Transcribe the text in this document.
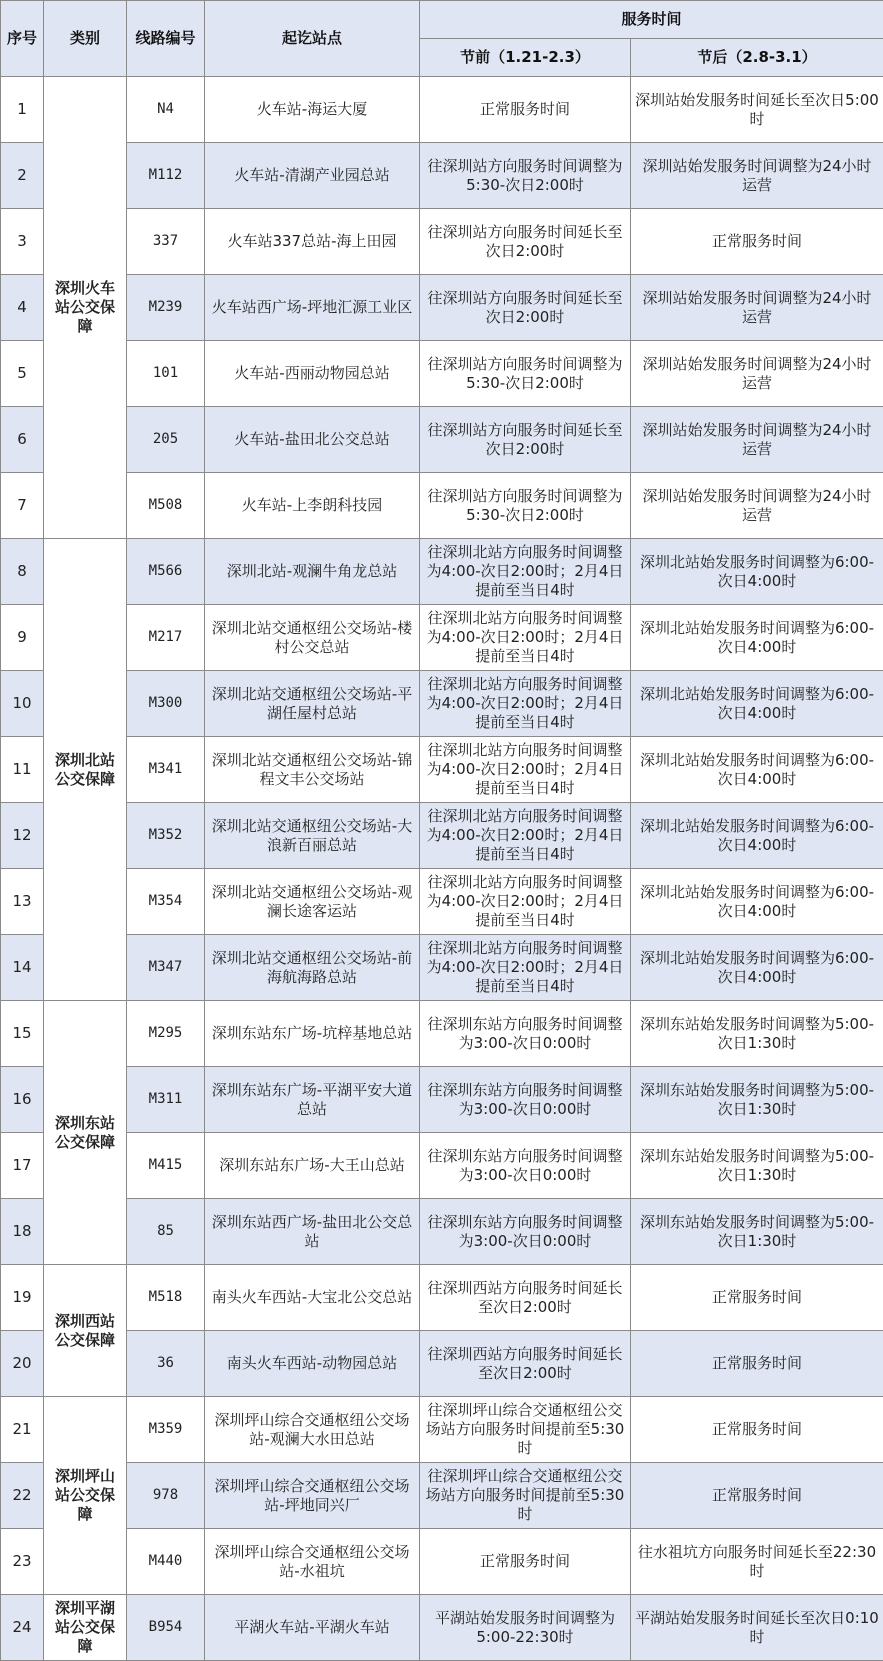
序号	类别	线路编号	起讫站点	服务时间	
				节前（1.21-2.3）	节后（2.8-3.1）
1	深圳火车站公交保障	N4	火车站-海运大厦	正常服务时间	深圳站始发服务时间延长至次日5:00时
2		M112	火车站-清湖产业园总站	往深圳站方向服务时间调整为5:30-次日2:00时	深圳站始发服务时间调整为24小时运营
3		337	火车站337总站-海上田园	往深圳站方向服务时间延长至次日2:00时	正常服务时间
4		M239	火车站西广场-坪地汇源工业区	往深圳站方向服务时间延长至次日2:00时	深圳站始发服务时间调整为24小时运营
5		101	火车站-西丽动物园总站	往深圳站方向服务时间调整为5:30-次日2:00时	深圳站始发服务时间调整为24小时运营
6		205	火车站-盐田北公交总站	往深圳站方向服务时间延长至次日2:00时	深圳站始发服务时间调整为24小时运营
7		M508	火车站-上李朗科技园	往深圳站方向服务时间调整为5:30-次日2:00时	深圳站始发服务时间调整为24小时运营
8	深圳北站公交保障	M566	深圳北站-观澜牛角龙总站	往深圳北站方向服务时间调整为4:00-次日2:00时；2月4日提前至当日4时	深圳北站始发服务时间调整为6:00-次日4:00时
9		M217	深圳北站交通枢纽公交场站-楼村公交总站	往深圳北站方向服务时间调整为4:00-次日2:00时；2月4日提前至当日4时	深圳北站始发服务时间调整为6:00-次日4:00时
10		M300	深圳北站交通枢纽公交场站-平湖任屋村总站	往深圳北站方向服务时间调整为4:00-次日2:00时；2月4日提前至当日4时	深圳北站始发服务时间调整为6:00-次日4:00时
11		M341	深圳北站交通枢纽公交场站-锦程文丰公交场站	往深圳北站方向服务时间调整为4:00-次日2:00时；2月4日提前至当日4时	深圳北站始发服务时间调整为6:00-次日4:00时
12		M352	深圳北站交通枢纽公交场站-大浪新百丽总站	往深圳北站方向服务时间调整为4:00-次日2:00时；2月4日提前至当日4时	深圳北站始发服务时间调整为6:00-次日4:00时
13		M354	深圳北站交通枢纽公交场站-观澜长途客运站	往深圳北站方向服务时间调整为4:00-次日2:00时；2月4日提前至当日4时	深圳北站始发服务时间调整为6:00-次日4:00时
14		M347	深圳北站交通枢纽公交场站-前海航海路总站	往深圳北站方向服务时间调整为4:00-次日2:00时；2月4日提前至当日4时	深圳北站始发服务时间调整为6:00-次日4:00时
15	深圳东站公交保障	M295	深圳东站东广场-坑梓基地总站	往深圳东站方向服务时间调整为3:00-次日0:00时	深圳东站始发服务时间调整为5:00-次日1:30时
16		M311	深圳东站东广场-平湖平安大道总站	往深圳东站方向服务时间调整为3:00-次日0:00时	深圳东站始发服务时间调整为5:00-次日1:30时
17		M415	深圳东站东广场-大王山总站	往深圳东站方向服务时间调整为3:00-次日0:00时	深圳东站始发服务时间调整为5:00-次日1:30时
18		85	深圳东站西广场-盐田北公交总站	往深圳东站方向服务时间调整为3:00-次日0:00时	深圳东站始发服务时间调整为5:00-次日1:30时
19	深圳西站公交保障	M518	南头火车西站-大宝北公交总站	往深圳西站方向服务时间延长至次日2:00时	正常服务时间
20		36	南头火车西站-动物园总站	往深圳西站方向服务时间延长至次日2:00时	正常服务时间
21	深圳坪山站公交保障	M359	深圳坪山综合交通枢纽公交场站-观澜大水田总站	往深圳坪山综合交通枢纽公交场站方向服务时间提前至5:30时	正常服务时间
22		978	深圳坪山综合交通枢纽公交场站-坪地同兴厂	往深圳坪山综合交通枢纽公交场站方向服务时间提前至5:30时	正常服务时间
23		M440	深圳坪山综合交通枢纽公交场站-水祖坑	正常服务时间	往水祖坑方向服务时间延长至22:30时
24	深圳平湖站公交保障	B954	平湖火车站-平湖火车站	平湖站始发服务时间调整为5:00-22:30时	平湖站始发服务时间延长至次日0:10时
